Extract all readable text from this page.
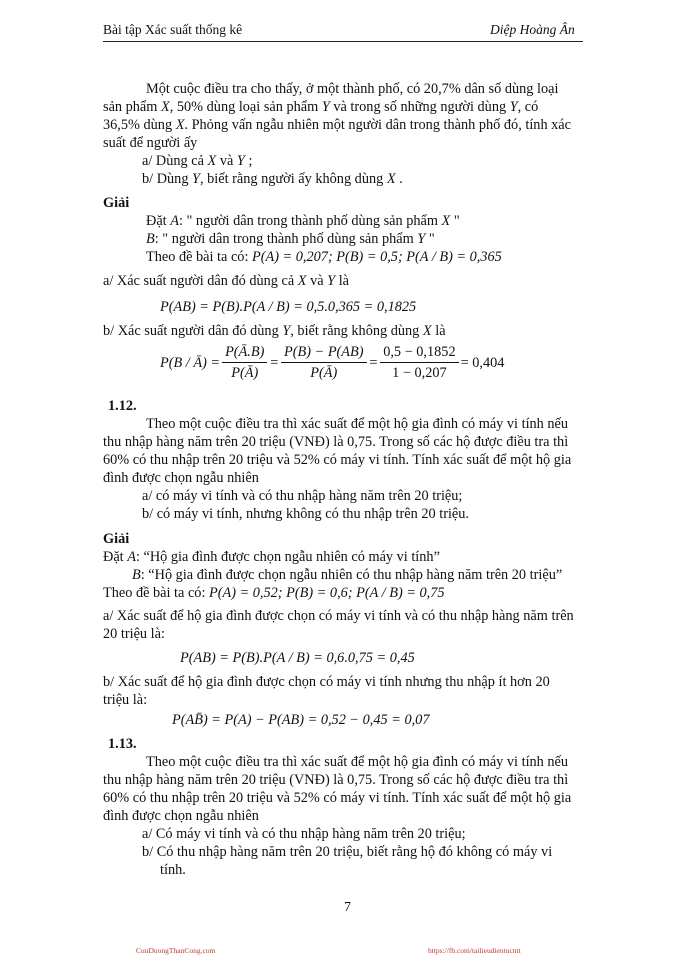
Bài tập Xác suất thống kê	Diệp Hoàng Ân
Một cuộc điều tra cho thấy, ở một thành phố, có 20,7% dân số dùng loại
sản phẩm X, 50% dùng loại sản phẩm Y và trong số những người dùng Y, có
36,5% dùng X. Phỏng vấn ngẫu nhiên một người dân trong thành phố đó, tính xác
suất để người ấy
a/ Dùng cả X và Y ;
b/ Dùng Y, biết rằng người ấy không dùng X .
Giải
Đặt A: " người dân trong thành phố dùng sản phẩm X "
B: " người dân trong thành phố dùng sản phẩm Y "
Theo đề bài ta có: P(A) = 0,207; P(B) = 0,5; P(A / B) = 0,365
a/ Xác suất người dân đó dùng cả X và Y là
P(AB) = P(B).P(A / B) = 0,5.0,365 = 0,1825
b/ Xác suất người dân đó dùng Y, biết rằng không dùng X là
P(B / Ā) = $\frac{P(Ā.B)}{P(Ā)} = \frac{P(B) - P(AB)}{P(Ā)} = \frac{0,5 - 0,1852}{1 - 0,207} = 0,404$
1.12.
Theo một cuộc điều tra thì xác suất để một hộ gia đình có máy vi tính nếu
thu nhập hàng năm trên 20 triệu (VNĐ) là 0,75. Trong số các hộ được điều tra thì
60% có thu nhập trên 20 triệu và 52% có máy vi tính. Tính xác suất để một hộ gia
đình được chọn ngẫu nhiên
a/ có máy vi tính và có thu nhập hàng năm trên 20 triệu;
b/ có máy vi tính, nhưng không có thu nhập trên 20 triệu.
Giải
Đặt A: “Hộ gia đình được chọn ngẫu nhiên có máy vi tính”
B: “Hộ gia đình được chọn ngẫu nhiên có thu nhập hàng năm trên 20 triệu”
Theo đề bài ta có: P(A) = 0,52; P(B) = 0,6; P(A / B) = 0,75
a/ Xác suất để hộ gia đình được chọn có máy vi tính và có thu nhập hàng năm trên
20 triệu là:
P(AB) = P(B).P(A / B) = 0,6.0,75 = 0,45
b/ Xác suất để hộ gia đình được chọn có máy vi tính nhưng thu nhập ít hơn 20
triệu là:
P(AB̄) = P(A) − P(AB) = 0,52 − 0,45 = 0,07
1.13.
Theo một cuộc điều tra thì xác suất để một hộ gia đình có máy vi tính nếu
thu nhập hàng năm trên 20 triệu (VNĐ) là 0,75. Trong số các hộ được điều tra thì
60% có thu nhập trên 20 triệu và 52% có máy vi tính. Tính xác suất để một hộ gia
đình được chọn ngẫu nhiên
a/ Có máy vi tính và có thu nhập hàng năm trên 20 triệu;
b/ Có thu nhập hàng năm trên 20 triệu, biết rằng hộ đó không có máy vi
tính.
7
CuuDuongThanCong.com	https://fb.com/tailieudientucntt
